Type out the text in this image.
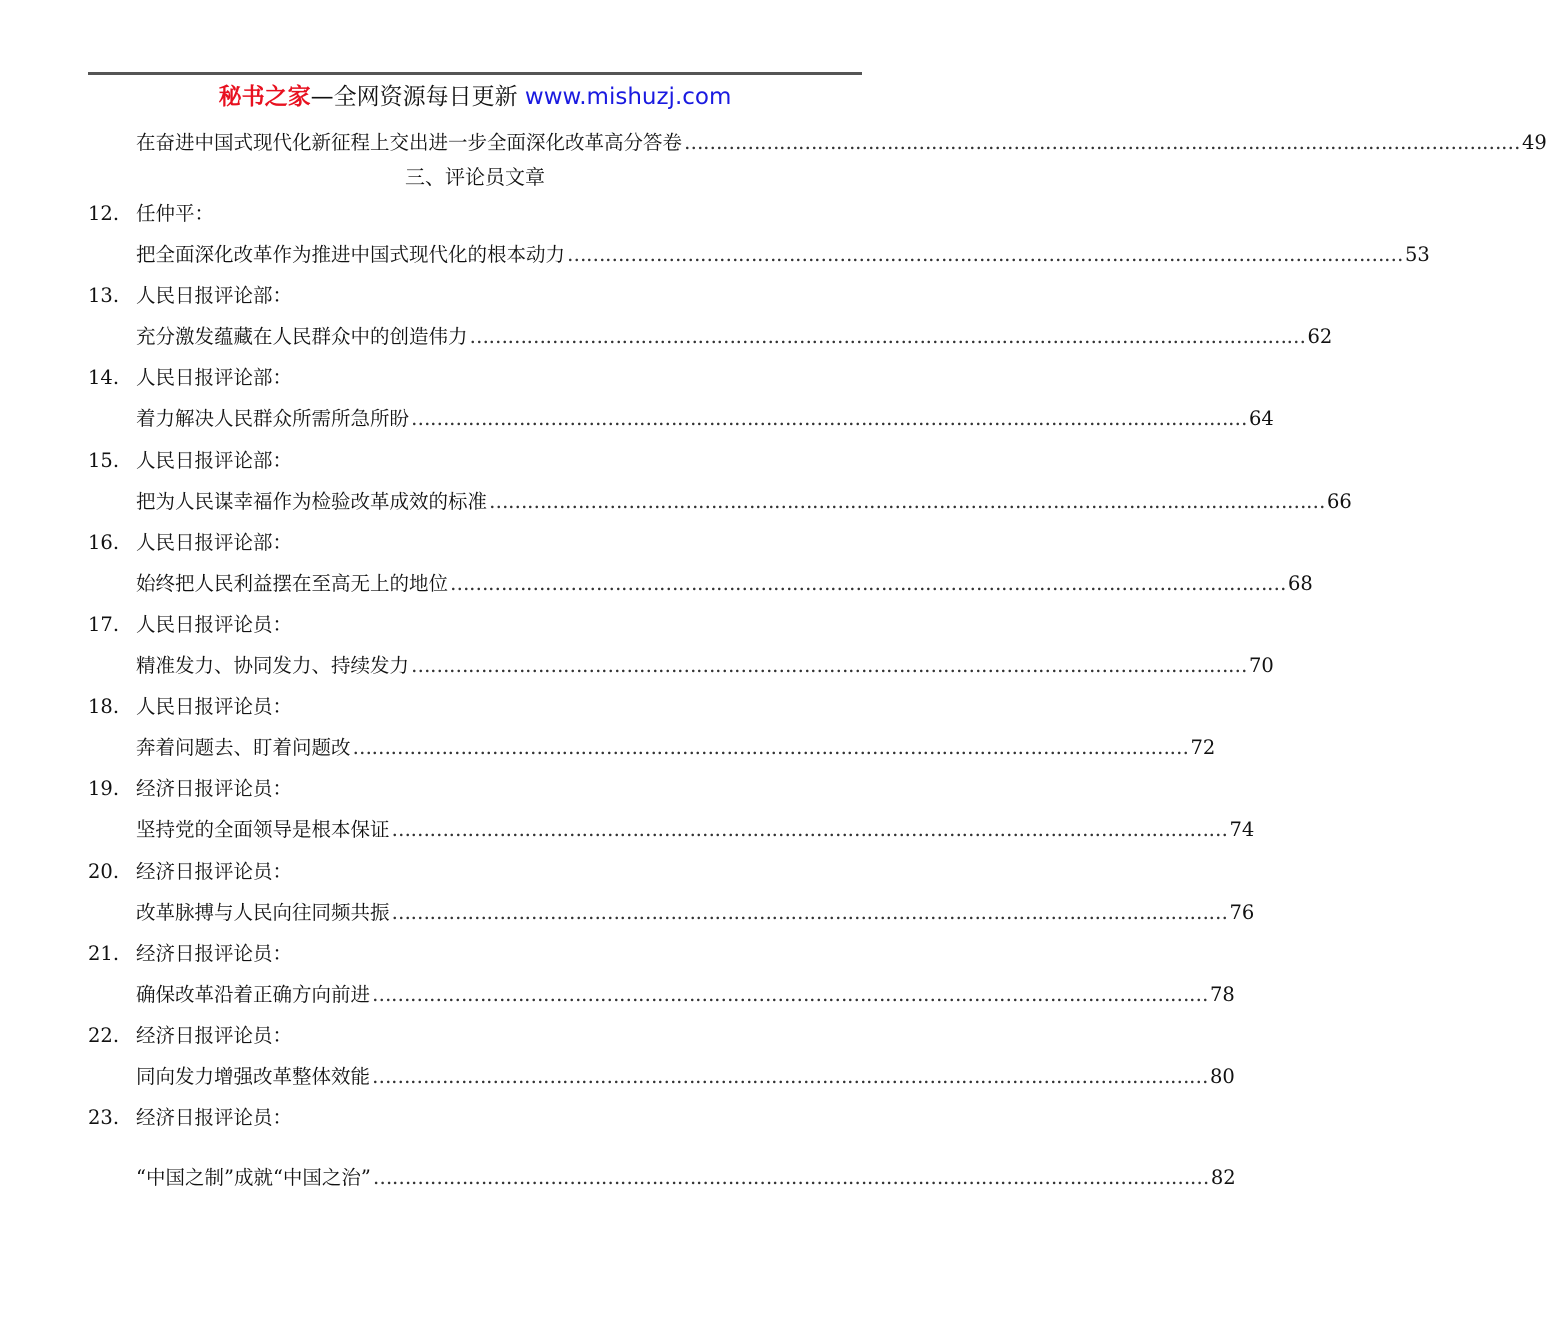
秘书之家—全网资源每日更新 www.mishuzj.com
在奋进中国式现代化新征程上交出进一步全面深化改革高分答卷 …………………………………………………………………………………………………………………… 49
三、评论员文章
12. 任仲平：
把全面深化改革作为推进中国式现代化的根本动力 …………………………………………………………………………………………………………………… 53
13. 人民日报评论部：
充分激发蕴藏在人民群众中的创造伟力 …………………………………………………………………………………………………………………… 62
14. 人民日报评论部：
着力解决人民群众所需所急所盼 …………………………………………………………………………………………………………………… 64
15. 人民日报评论部：
把为人民谋幸福作为检验改革成效的标准 …………………………………………………………………………………………………………………… 66
16. 人民日报评论部：
始终把人民利益摆在至高无上的地位 …………………………………………………………………………………………………………………… 68
17. 人民日报评论员：
精准发力、协同发力、持续发力 …………………………………………………………………………………………………………………… 70
18. 人民日报评论员：
奔着问题去、盯着问题改 …………………………………………………………………………………………………………………… 72
19. 经济日报评论员：
坚持党的全面领导是根本保证 …………………………………………………………………………………………………………………… 74
20. 经济日报评论员：
改革脉搏与人民向往同频共振 …………………………………………………………………………………………………………………… 76
21. 经济日报评论员：
确保改革沿着正确方向前进 …………………………………………………………………………………………………………………… 78
22. 经济日报评论员：
同向发力增强改革整体效能 …………………………………………………………………………………………………………………… 80
23. 经济日报评论员：
“中国之制”成就“中国之治” …………………………………………………………………………………………………………………… 82
